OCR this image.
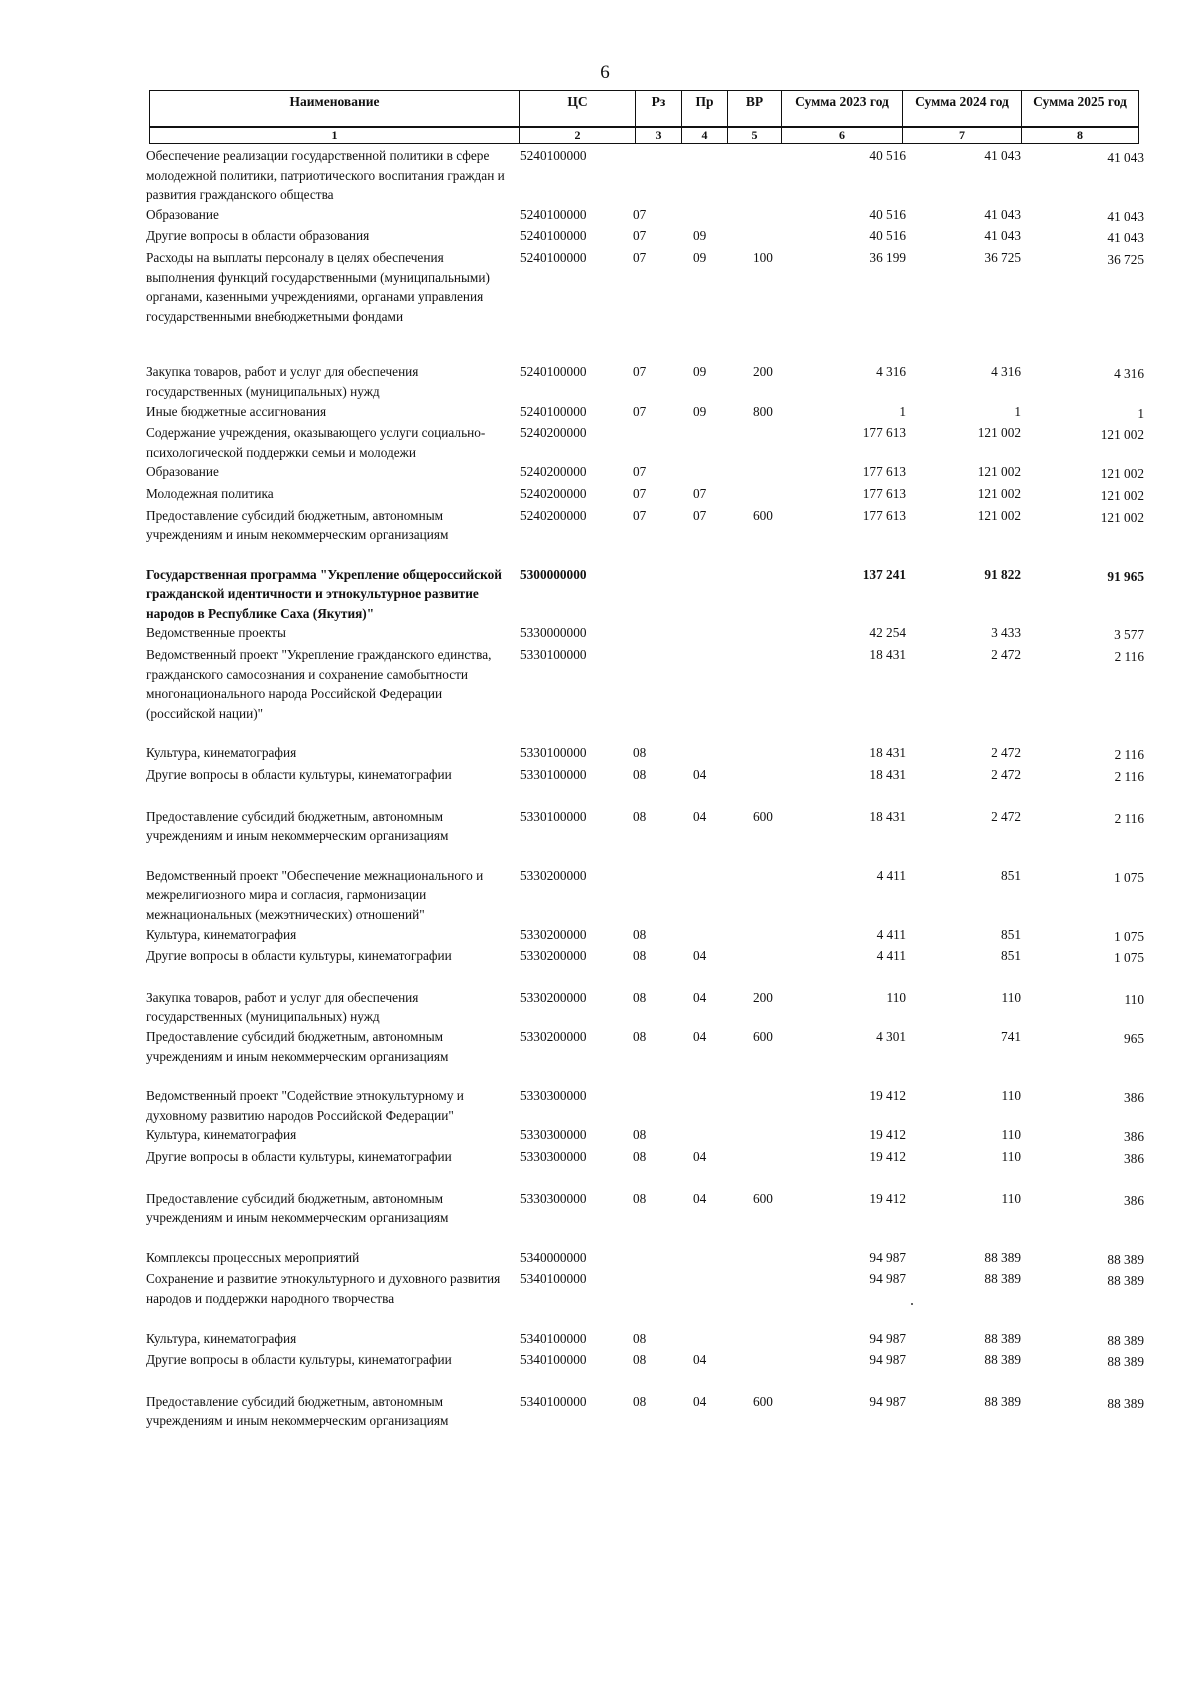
6
Наименование	ЦС	Рз	Пр	ВР	Сумма 2023 год	Сумма 2024 год	Сумма 2025 год
1	2	3	4	5	6	7	8
Обеспечение реализации государственной политики в сфере молодежной политики, патриотического воспитания граждан и развития гражданского общества	5240100000				40 516	41 043	41 043
Образование	5240100000	07			40 516	41 043	41 043
Другие вопросы в области образования	5240100000	07	09		40 516	41 043	41 043
Расходы на выплаты персоналу в целях обеспечения выполнения функций государственными (муниципальными) органами, казенными учреждениями, органами управления государственными внебюджетными фондами	5240100000	07	09	100	36 199	36 725	36 725

Закупка товаров, работ и услуг для обеспечения государственных (муниципальных) нужд	5240100000	07	09	200	4 316	4 316	4 316
Иные бюджетные ассигнования	5240100000	07	09	800	1	1	1
Содержание учреждения, оказывающего услуги социально-психологической поддержки семьи и молодежи	5240200000				177 613	121 002	121 002
Образование	5240200000	07			177 613	121 002	121 002
Молодежная политика	5240200000	07	07		177 613	121 002	121 002
Предоставление субсидий бюджетным, автономным учреждениям и иным некоммерческим организациям	5240200000	07	07	600	177 613	121 002	121 002

Государственная программа "Укрепление общероссийской гражданской идентичности и этнокультурное развитие народов в Республике Саха (Якутия)"	5300000000				137 241	91 822	91 965
Ведомственные проекты	5330000000				42 254	3 433	3 577
Ведомственный проект "Укрепление гражданского единства, гражданского самосознания и сохранение самобытности многонационального народа Российской Федерации (российской нации)"	5330100000				18 431	2 472	2 116

Культура, кинематография	5330100000	08			18 431	2 472	2 116
Другие вопросы в области культуры, кинематографии	5330100000	08	04		18 431	2 472	2 116

Предоставление субсидий бюджетным, автономным учреждениям и иным некоммерческим организациям	5330100000	08	04	600	18 431	2 472	2 116

Ведомственный проект "Обеспечение межнационального и межрелигиозного мира и согласия, гармонизации межнациональных (межэтнических) отношений"	5330200000				4 411	851	1 075
Культура, кинематография	5330200000	08			4 411	851	1 075
Другие вопросы в области культуры, кинематографии	5330200000	08	04		4 411	851	1 075

Закупка товаров, работ и услуг для обеспечения государственных (муниципальных) нужд	5330200000	08	04	200	110	110	110
Предоставление субсидий бюджетным, автономным учреждениям и иным некоммерческим организациям	5330200000	08	04	600	4 301	741	965

Ведомственный проект "Содействие этнокультурному и духовному развитию народов Российской Федерации"	5330300000				19 412	110	386
Культура, кинематография	5330300000	08			19 412	110	386
Другие вопросы в области культуры, кинематографии	5330300000	08	04		19 412	110	386

Предоставление субсидий бюджетным, автономным учреждениям и иным некоммерческим организациям	5330300000	08	04	600	19 412	110	386

Комплексы процессных мероприятий	5340000000				94 987	88 389	88 389
Сохранение и развитие этнокультурного и духовного развития народов и поддержки народного творчества	5340100000				94 987	88 389	88 389

Культура, кинематография	5340100000	08			94 987	88 389	88 389
Другие вопросы в области культуры, кинематографии	5340100000	08	04		94 987	88 389	88 389

Предоставление субсидий бюджетным, автономным учреждениям и иным некоммерческим организациям	5340100000	08	04	600	94 987	88 389	88 389
